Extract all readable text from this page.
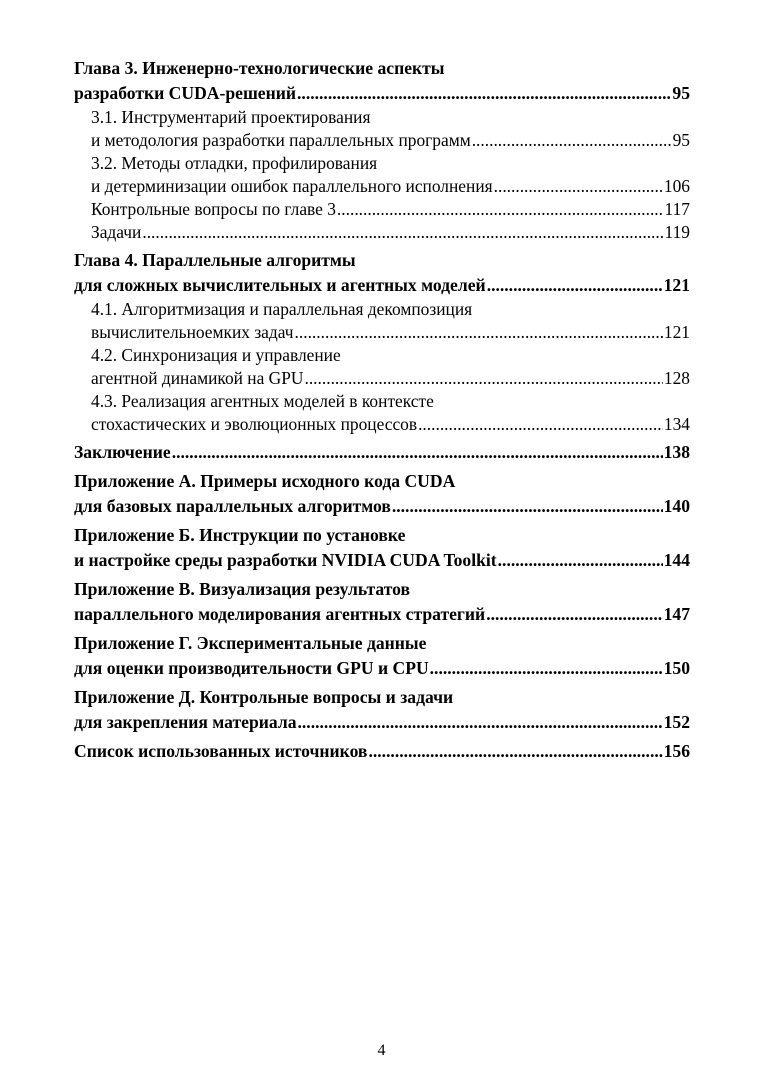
Глава 3. Инженерно-технологические аспекты
разработки CUDA-решений .....	95
3.1. Инструментарий проектирования
и методология разработки параллельных программ .....	95
3.2. Методы отладки, профилирования
и детерминизации ошибок параллельного исполнения .....	106
Контрольные вопросы по главе 3 .....	117
Задачи .....	119
Глава 4. Параллельные алгоритмы
для сложных вычислительных и агентных моделей .....	121
4.1. Алгоритмизация и параллельная декомпозиция
вычислительноемких задач .....	121
4.2. Синхронизация и управление
агентной динамикой на GPU .....	128
4.3. Реализация агентных моделей в контексте
стохастических и эволюционных процессов .....	134
Заключение .....	138
Приложение А. Примеры исходного кода CUDA
для базовых параллельных алгоритмов .....	140
Приложение Б. Инструкции по установке
и настройке среды разработки NVIDIA CUDA Toolkit .....	144
Приложение В. Визуализация результатов
параллельного моделирования агентных стратегий .....	147
Приложение Г. Экспериментальные данные
для оценки производительности GPU и CPU .....	150
Приложение Д. Контрольные вопросы и задачи
для закрепления материала .....	152
Список использованных источников .....	156
4
